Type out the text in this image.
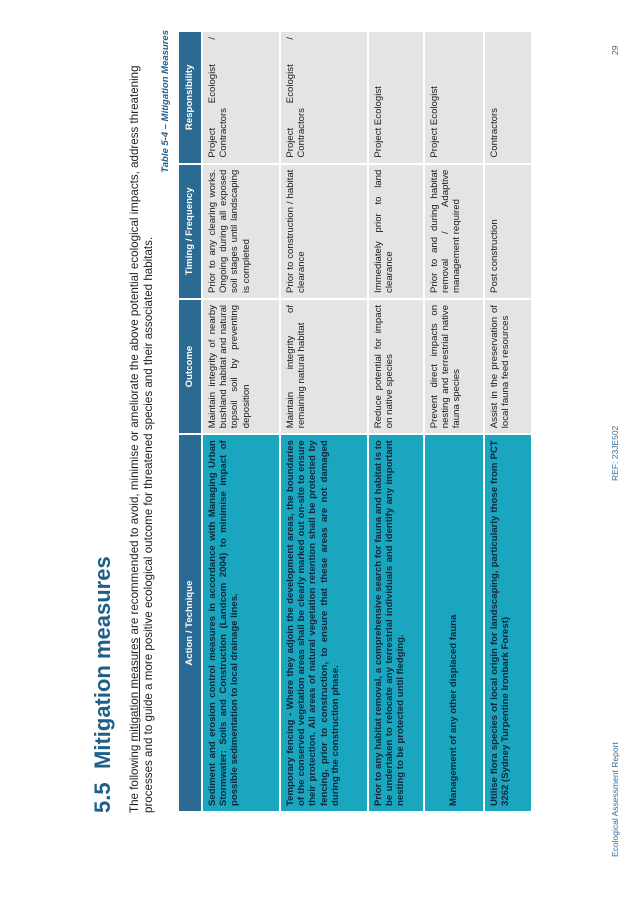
5.5Mitigation measures
The following mitigation measures are recommended to avoid, minimise or ameliorate the above potential ecological impacts, address threatening processes and to guide a more positive ecological outcome for threatened species and their associated habitats.
Table 5-4 – Mitigation Measures
Action / Technique	Outcome	Timing / Frequency	Responsibility
Sediment and erosion control measures in accordance with Managing Urban Stormwater: Soils and Construction (Landcom 2004) to minimise impact of possible sedimentation to local drainage lines.	Maintain integrity of nearby bushland habitat and natural topsoil soil by preventing deposition	Prior to any clearing works. Ongoing during all exposed soil stages until landscaping is completed	Project Ecologist / Contractors
Temporary fencing - Where they adjoin the development areas, the boundaries of the conserved vegetation areas shall be clearly marked out on-site to ensure their protection. All areas of natural vegetation retention shall be protected by fencing, prior to construction, to ensure that these areas are not damaged during the construction phase.	Maintain integrity of remaining natural habitat	Prior to construction / habitat clearance	Project Ecologist / Contractors
Prior to any habitat removal, a comprehensive search for fauna and habitat is to be undertaken to relocate any terrestrial individuals and identify any important nesting to be protected until fledging.	Reduce potential for impact on native species	Immediately prior to land clearance	Project Ecologist
Management of any other displaced fauna	Prevent direct impacts on nesting and terrestrial native fauna species	Prior to and during habitat removal / Adaptive management required	Project Ecologist
Utilise flora species of local origin for landscaping, particularly those from PCT 3262 (Sydney Turpentine Ironbark Forest)	Assist in the preservation of local fauna feed resources	Post construction	Contractors
Ecological Assessment Report
REF: 23JE502
29
